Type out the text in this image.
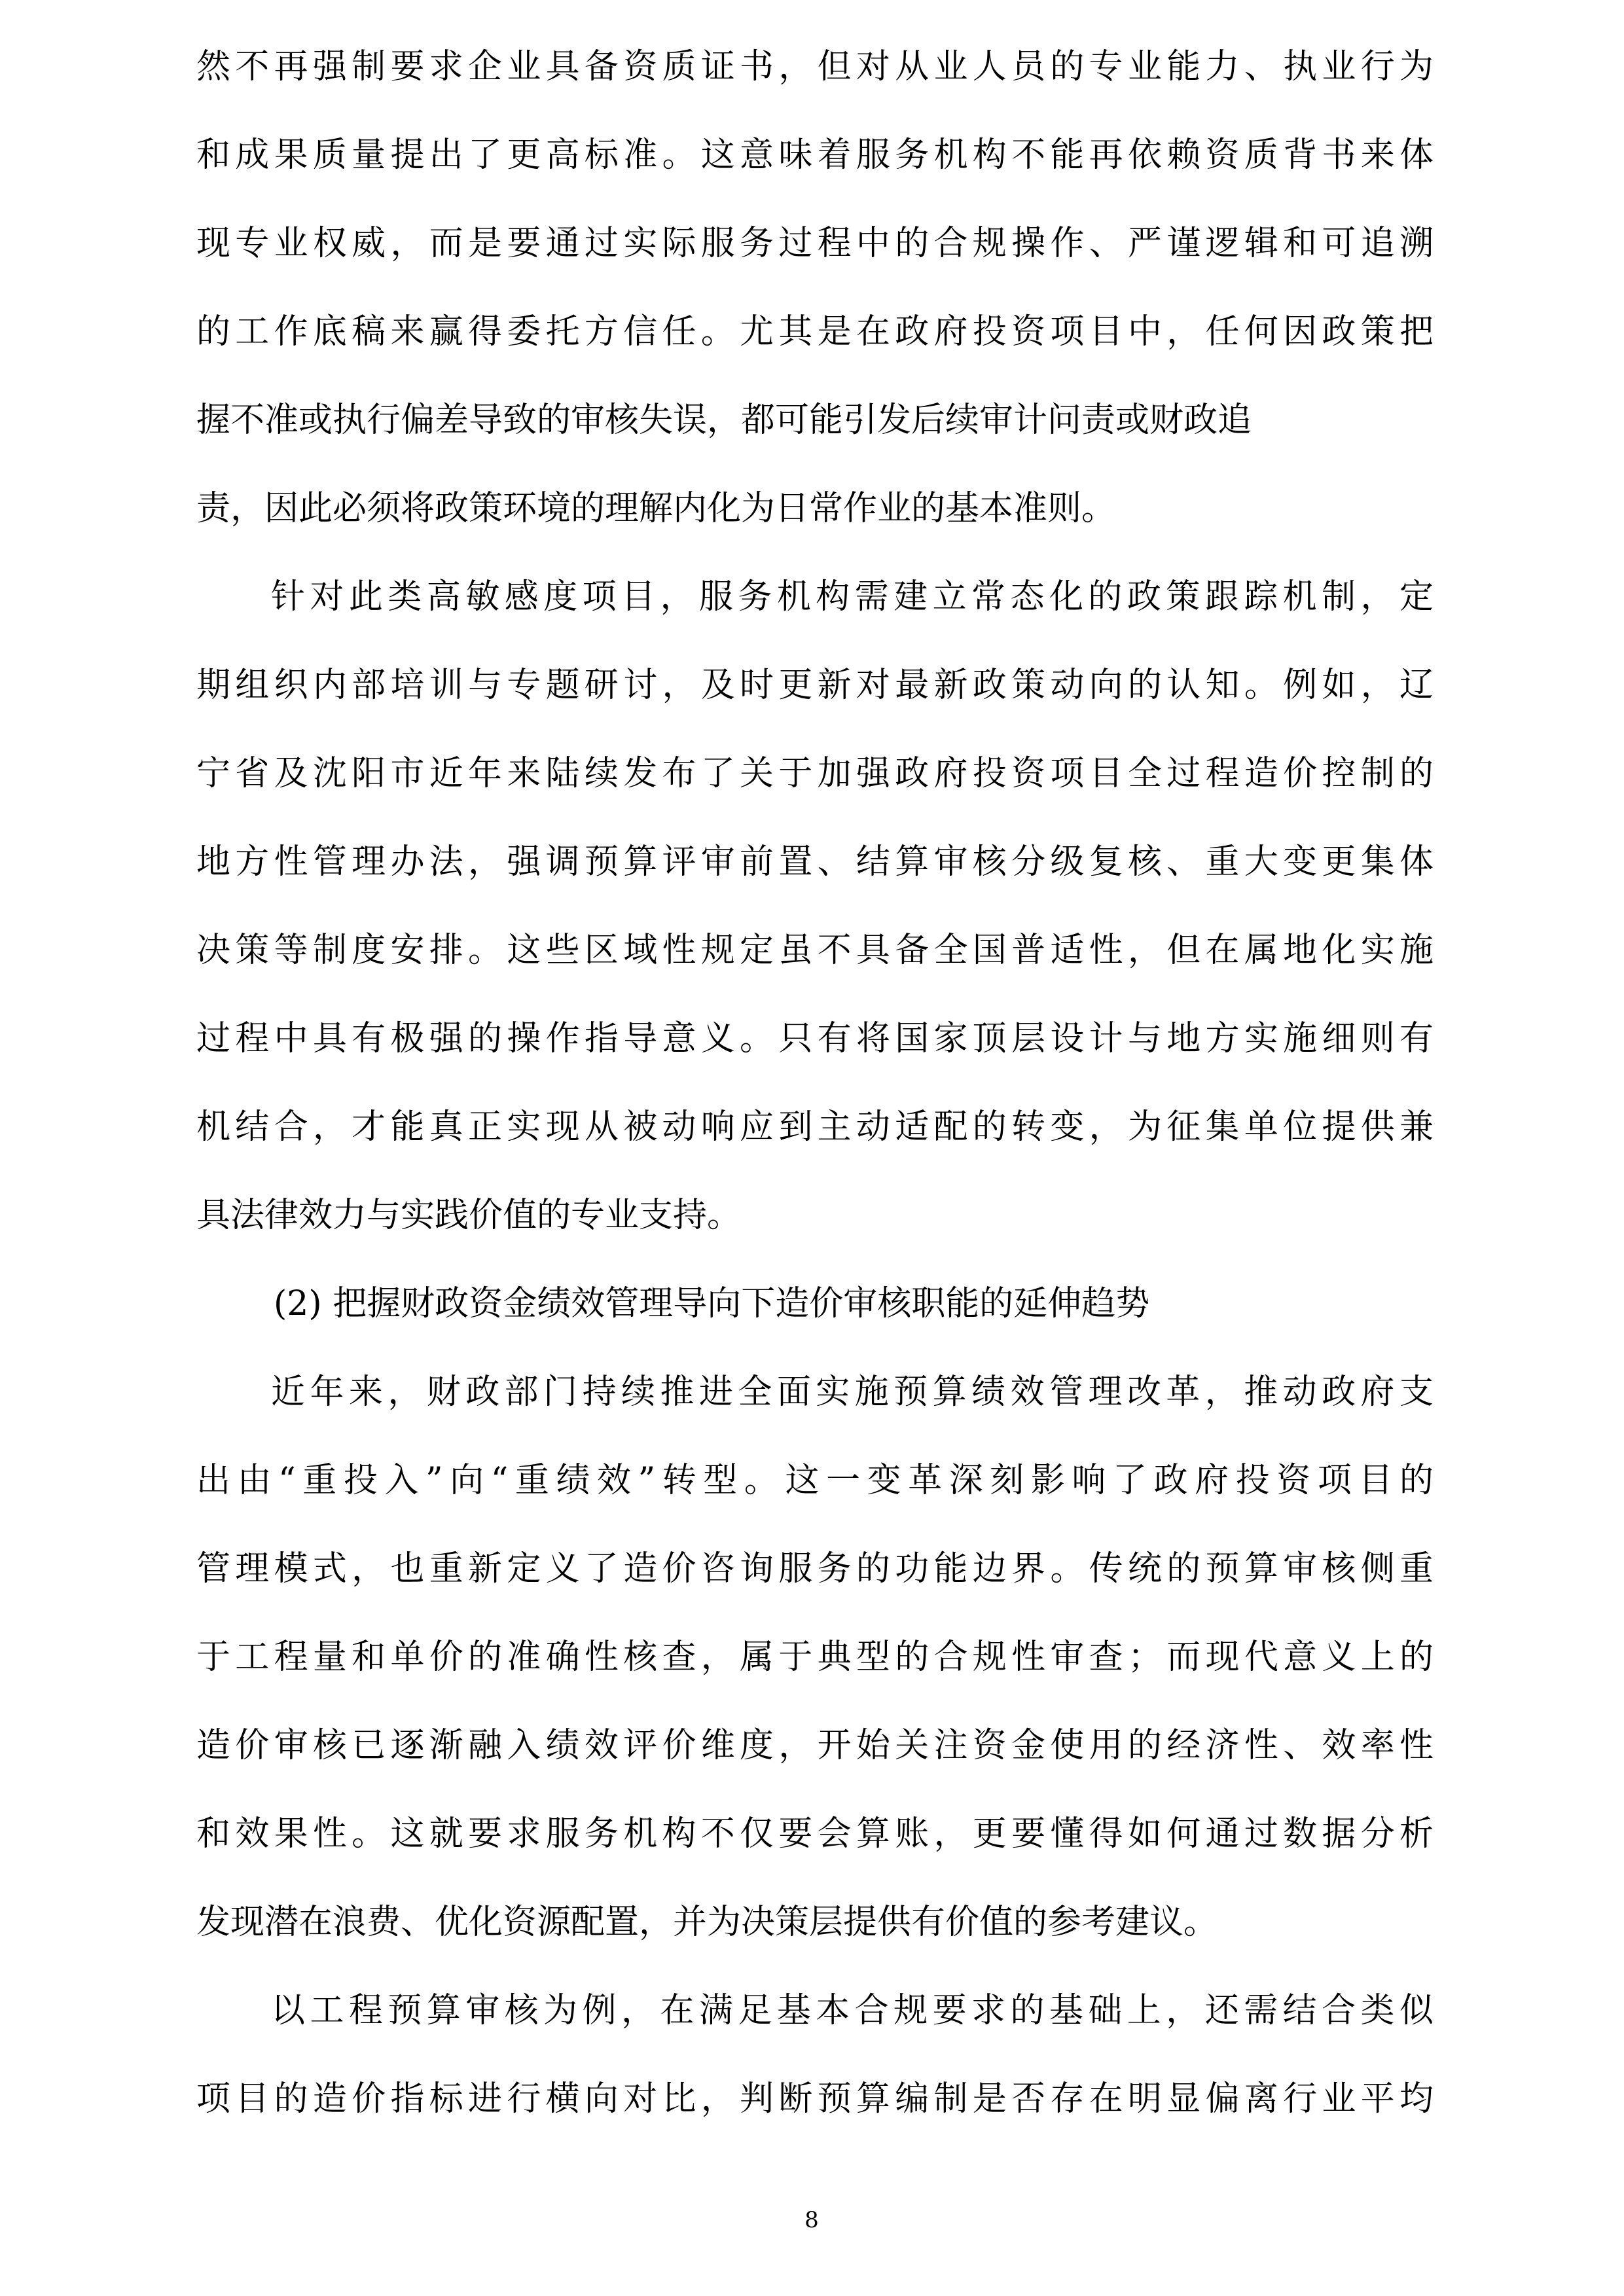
然不再强制要求企业具备资质证书，但对从业人员的专业能力、执业行为
和成果质量提出了更高标准。这意味着服务机构不能再依赖资质背书来体
现专业权威，而是要通过实际服务过程中的合规操作、严谨逻辑和可追溯
的工作底稿来赢得委托方信任。尤其是在政府投资项目中，任何因政策把
握不准或执行偏差导致的审核失误，都可能引发后续审计问责或财政追
责，因此必须将政策环境的理解内化为日常作业的基本准则。
针对此类高敏感度项目，服务机构需建立常态化的政策跟踪机制，定
期组织内部培训与专题研讨，及时更新对最新政策动向的认知。例如，辽
宁省及沈阳市近年来陆续发布了关于加强政府投资项目全过程造价控制的
地方性管理办法，强调预算评审前置、结算审核分级复核、重大变更集体
决策等制度安排。这些区域性规定虽不具备全国普适性，但在属地化实施
过程中具有极强的操作指导意义。只有将国家顶层设计与地方实施细则有
机结合，才能真正实现从被动响应到主动适配的转变，为征集单位提供兼
具法律效力与实践价值的专业支持。
(2) 把握财政资金绩效管理导向下造价审核职能的延伸趋势
近年来，财政部门持续推进全面实施预算绩效管理改革，推动政府支
出由“重投入”向“重绩效”转型。这一变革深刻影响了政府投资项目的
管理模式，也重新定义了造价咨询服务的功能边界。传统的预算审核侧重
于工程量和单价的准确性核查，属于典型的合规性审查；而现代意义上的
造价审核已逐渐融入绩效评价维度，开始关注资金使用的经济性、效率性
和效果性。这就要求服务机构不仅要会算账，更要懂得如何通过数据分析
发现潜在浪费、优化资源配置，并为决策层提供有价值的参考建议。
以工程预算审核为例，在满足基本合规要求的基础上，还需结合类似
项目的造价指标进行横向对比，判断预算编制是否存在明显偏离行业平均
8
